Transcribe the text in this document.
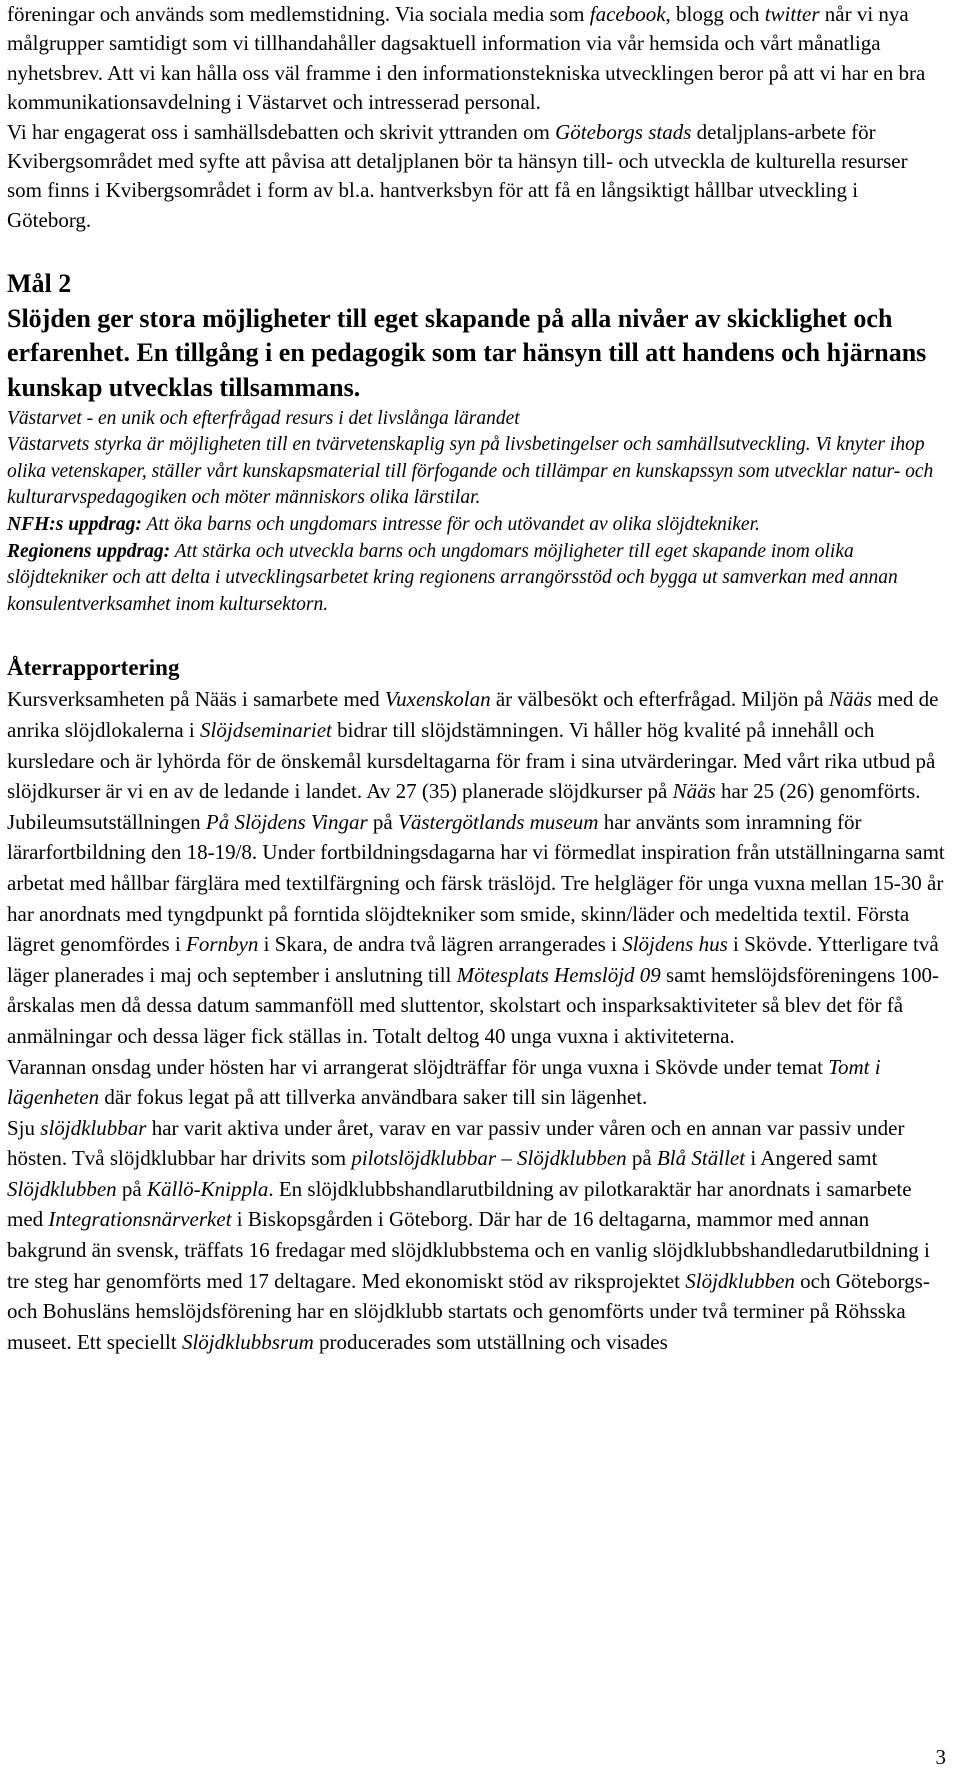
föreningar och används som medlemstidning. Via sociala media som facebook, blogg och twitter når vi nya målgrupper samtidigt som vi tillhandahåller dagsaktuell information via vår hemsida och vårt månatliga nyhetsbrev. Att vi kan hålla oss väl framme i den informationstekniska utvecklingen beror på att vi har en bra kommunikationsavdelning i Västarvet och intresserad personal.

Vi har engagerat oss i samhällsdebatten och skrivit yttranden om Göteborgs stads detaljplans-arbete för Kvibergsområdet med syfte att påvisa att detaljplanen bör ta hänsyn till- och utveckla de kulturella resurser som finns i Kvibergsområdet i form av bl.a. hantverksbyn för att få en långsiktigt hållbar utveckling i Göteborg.

Mål 2

Slöjden ger stora möjligheter till eget skapande på alla nivåer av skicklighet och erfarenhet. En tillgång i en pedagogik som tar hänsyn till att handens och hjärnans kunskap utvecklas tillsammans.

Västarvet - en unik och efterfrågad resurs i det livslånga lärandet

Västarvets styrka är möjligheten till en tvärvetenskaplig syn på livsbetingelser och samhällsutveckling. Vi knyter ihop olika vetenskaper, ställer vårt kunskapsmaterial till förfogande och tillämpar en kunskapssyn som utvecklar natur- och kulturarvspedagogiken och möter människors olika lärstilar.

NFH:s uppdrag: Att öka barns och ungdomars intresse för och utövandet av olika slöjdtekniker.

Regionens uppdrag: Att stärka och utveckla barns och ungdomars möjligheter till eget skapande inom olika slöjdtekniker och att delta i utvecklingsarbetet kring regionens arrangörsstöd och bygga ut samverkan med annan konsulentverksamhet inom kultursektorn.

Återrapportering

Kursverksamheten på Nääs i samarbete med Vuxenskolan är välbesökt och efterfrågad. Miljön på Nääs med de anrika slöjdlokalerna i Slöjdseminariet bidrar till slöjdstämningen. Vi håller hög kvalité på innehåll och kursledare och är lyhörda för de önskemål kursdeltagarna för fram i sina utvärderingar. Med vårt rika utbud på slöjdkurser är vi en av de ledande i landet. Av 27 (35) planerade slöjdkurser på Nääs har 25 (26) genomförts.

Jubileumsutställningen På Slöjdens Vingar på Västergötlands museum har använts som inramning för lärarfortbildning den 18-19/8. Under fortbildningsdagarna har vi förmedlat inspiration från utställningarna samt arbetat med hållbar färglära med textilfärgning och färsk träslöjd. Tre helgläger för unga vuxna mellan 15-30 år har anordnats med tyngdpunkt på forntida slöjdtekniker som smide, skinn/läder och medeltida textil. Första lägret genomfördes i Fornbyn i Skara, de andra två lägren arrangerades i Slöjdens hus i Skövde. Ytterligare två läger planerades i maj och september i anslutning till Mötesplats Hemslöjd 09 samt hemslöjdsföreningens 100-årskalas men då dessa datum sammanföll med sluttentor, skolstart och insparksaktiviteter så blev det för få anmälningar och dessa läger fick ställas in. Totalt deltog 40 unga vuxna i aktiviteterna.

Varannan onsdag under hösten har vi arrangerat slöjdträffar för unga vuxna i Skövde under temat Tomt i lägenheten där fokus legat på att tillverka användbara saker till sin lägenhet.

Sju slöjdklubbar har varit aktiva under året, varav en var passiv under våren och en annan var passiv under hösten. Två slöjdklubbar har drivits som pilotslöjdklubbar – Slöjdklubben på Blå Stället i Angered samt Slöjdklubben på Källö-Knippla. En slöjdklubbshandlarutbildning av pilotkaraktär har anordnats i samarbete med Integrationsnärverket i Biskopsgården i Göteborg. Där har de 16 deltagarna, mammor med annan bakgrund än svensk, träffats 16 fredagar med slöjdklubbstema och en vanlig slöjdklubbshandledarutbildning i tre steg har genomförts med 17 deltagare. Med ekonomiskt stöd av riksprojektet Slöjdklubben och Göteborgs- och Bohusläns hemslöjdsförening har en slöjdklubb startats och genomförts under två terminer på Röhsska museet. Ett speciellt Slöjdklubbsrum producerades som utställning och visades

3
